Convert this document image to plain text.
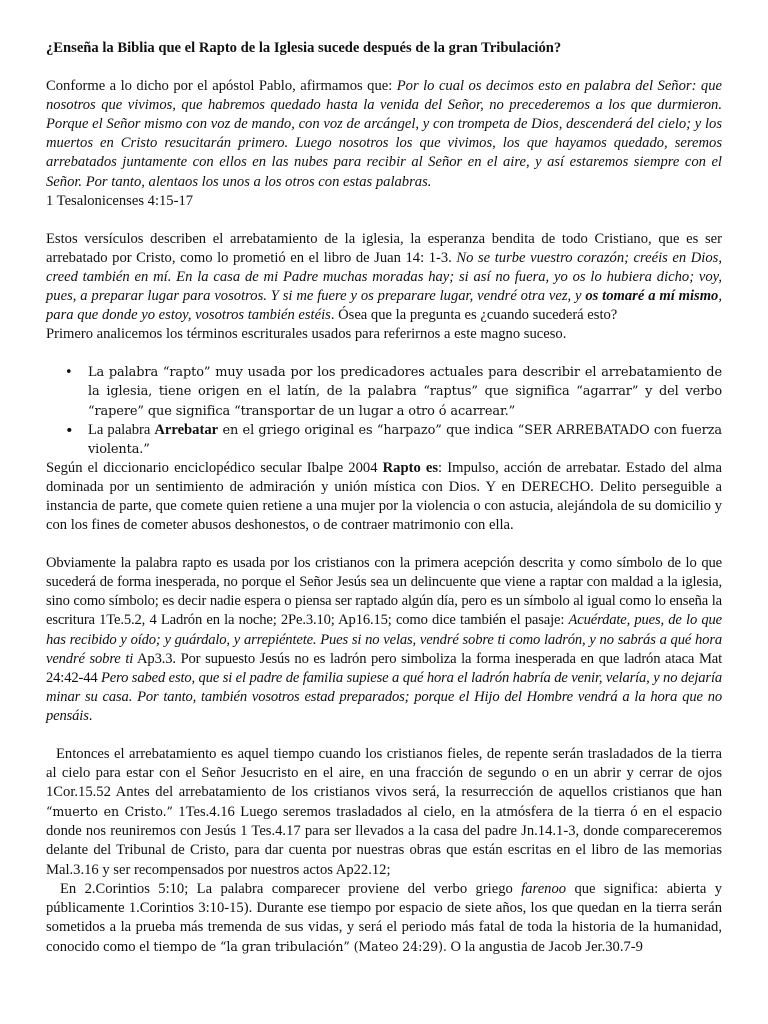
¿Enseña la Biblia que el Rapto de la Iglesia sucede después de la gran Tribulación?

Conforme a lo dicho por el apóstol Pablo, afirmamos que: Por lo cual os decimos esto en palabra del Señor: que nosotros que vivimos, que habremos quedado hasta la venida del Señor, no precederemos a los que durmieron. Porque el Señor mismo con voz de mando, con voz de arcángel, y con trompeta de Dios, descenderá del cielo; y los muertos en Cristo resucitarán primero. Luego nosotros los que vivimos, los que hayamos quedado, seremos arrebatados juntamente con ellos en las nubes para recibir al Señor en el aire, y así estaremos siempre con el Señor. Por tanto, alentaos los unos a los otros con estas palabras.
1 Tesalonicenses 4:15-17

Estos versículos describen el arrebatamiento de la iglesia, la esperanza bendita de todo Cristiano, que es ser arrebatado por Cristo, como lo prometió en el libro de Juan 14: 1-3. No se turbe vuestro corazón; creéis en Dios, creed también en mí. En la casa de mi Padre muchas moradas hay; si así no fuera, yo os lo hubiera dicho; voy, pues, a preparar lugar para vosotros. Y si me fuere y os preparare lugar, vendré otra vez, y os tomaré a mí mismo, para que donde yo estoy, vosotros también estéis. Ósea que la pregunta es ¿cuando sucederá esto?

Primero analicemos los términos escriturales usados para referirnos a este magno suceso.

• La palabra “rapto” muy usada por los predicadores actuales para describir el arrebatamiento de la iglesia, tiene origen en el latín, de la palabra “raptus” que significa “agarrar” y del verbo “rapere” que significa “transportar de un lugar a otro ó acarrear.”
• La palabra Arrebatar en el griego original es “harpazo” que indica “SER ARREBATADO con fuerza violenta.”

Según el diccionario enciclopédico secular Ibalpe 2004 Rapto es: Impulso, acción de arrebatar. Estado del alma dominada por un sentimiento de admiración y unión mística con Dios. Y en DERECHO. Delito perseguible a instancia de parte, que comete quien retiene a una mujer por la violencia o con astucia, alejándola de su domicilio y con los fines de cometer abusos deshonestos, o de contraer matrimonio con ella.

Obviamente la palabra rapto es usada por los cristianos con la primera acepción descrita y como símbolo de lo que sucederá de forma inesperada, no porque el Señor Jesús sea un delincuente que viene a raptar con maldad a la iglesia, sino como símbolo; es decir nadie espera o piensa ser raptado algún día, pero es un símbolo al igual como lo enseña la escritura 1Te.5.2, 4 Ladrón en la noche; 2Pe.3.10; Ap16.15; como dice también el pasaje: Acuérdate, pues, de lo que has recibido y oído; y guárdalo, y arrepiéntete. Pues si no velas, vendré sobre ti como ladrón, y no sabrás a qué hora vendré sobre ti Ap3.3. Por supuesto Jesús no es ladrón pero simboliza la forma inesperada en que ladrón ataca Mat 24:42-44 Pero sabed esto, que si el padre de familia supiese a qué hora el ladrón habría de venir, velaría, y no dejaría minar su casa. Por tanto, también vosotros estad preparados; porque el Hijo del Hombre vendrá a la hora que no pensáis.

Entonces el arrebatamiento es aquel tiempo cuando los cristianos fieles, de repente serán trasladados de la tierra al cielo para estar con el Señor Jesucristo en el aire, en una fracción de segundo o en un abrir y cerrar de ojos 1Cor.15.52 Antes del arrebatamiento de los cristianos vivos será, la resurrección de aquellos cristianos que han “muerto en Cristo.” 1Tes.4.16 Luego seremos trasladados al cielo, en la atmósfera de la tierra ó en el espacio donde nos reuniremos con Jesús 1 Tes.4.17 para ser llevados a la casa del padre Jn.14.1-3, donde compareceremos delante del Tribunal de Cristo, para dar cuenta por nuestras obras que están escritas en el libro de las memorias Mal.3.16 y ser recompensados por nuestros actos Ap22.12;

En 2.Corintios 5:10; La palabra comparecer proviene del verbo griego farenoo que significa: abierta y públicamente 1.Corintios 3:10-15). Durante ese tiempo por espacio de siete años, los que quedan en la tierra serán sometidos a la prueba más tremenda de sus vidas, y será el periodo más fatal de toda la historia de la humanidad, conocido como el tiempo de “la gran tribulación” (Mateo 24:29). O la angustia de Jacob Jer.30.7-9
